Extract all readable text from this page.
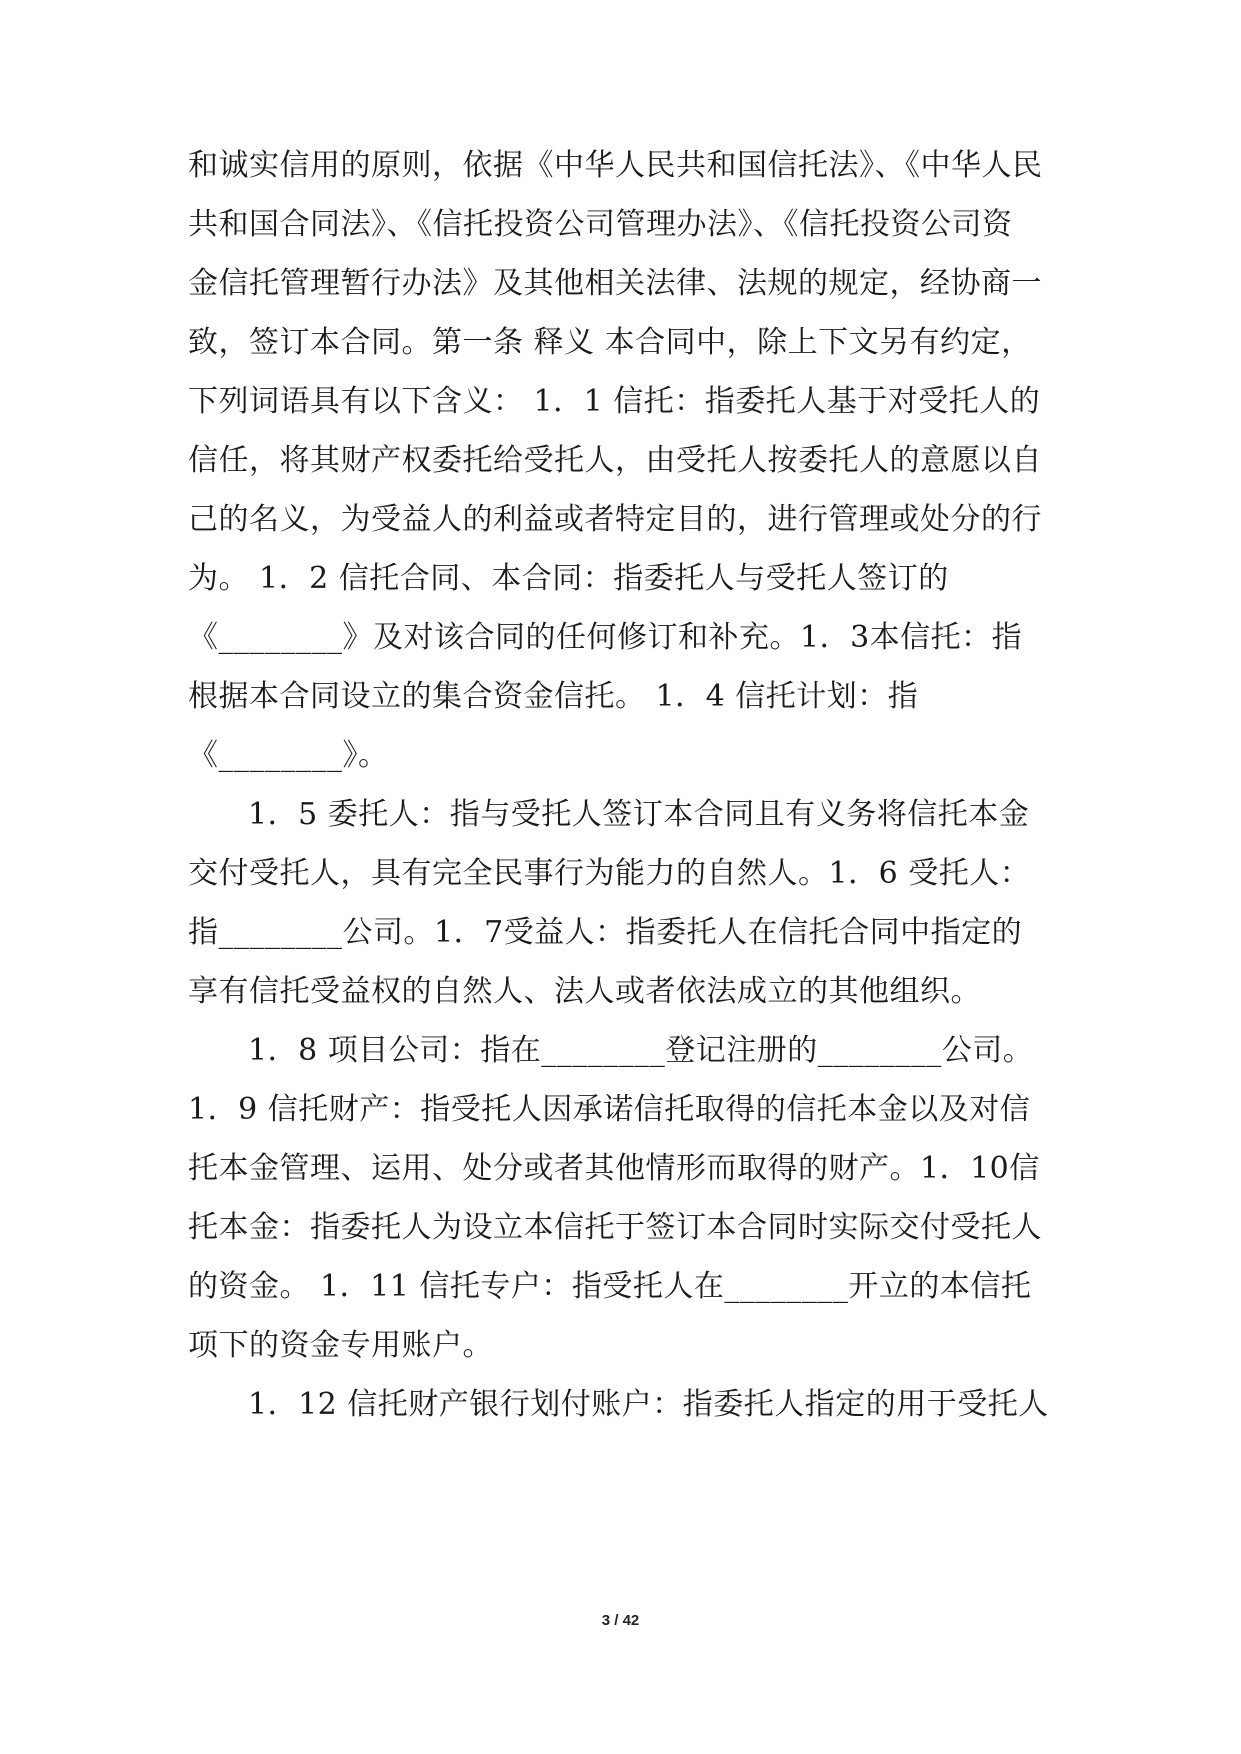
和诚实信用的原则，依据《中华人民共和国信托法》、《中华人民
共和国合同法》、《信托投资公司管理办法》、《信托投资公司资
金信托管理暂行办法》及其他相关法律、法规的规定，经协商一
致，签订本合同。第一条 释义 本合同中，除上下文另有约定，
下列词语具有以下含义： 1．1 信托：指委托人基于对受托人的
信任，将其财产权委托给受托人，由受托人按委托人的意愿以自
己的名义，为受益人的利益或者特定目的，进行管理或处分的行
为。 1．2 信托合同、本合同：指委托人与受托人签订的
《________》及对该合同的任何修订和补充。1．3本信托：指
根据本合同设立的集合资金信托。 1．4 信托计划：指
《________》。
1．5 委托人：指与受托人签订本合同且有义务将信托本金
交付受托人，具有完全民事行为能力的自然人。1．6 受托人：
指________公司。1．7受益人：指委托人在信托合同中指定的
享有信托受益权的自然人、法人或者依法成立的其他组织。
1．8 项目公司：指在________登记注册的________公司。
1．9 信托财产：指受托人因承诺信托取得的信托本金以及对信
托本金管理、运用、处分或者其他情形而取得的财产。1．10信
托本金：指委托人为设立本信托于签订本合同时实际交付受托人
的资金。 1．11 信托专户：指受托人在________开立的本信托
项下的资金专用账户。
1．12 信托财产银行划付账户：指委托人指定的用于受托人
3 / 42
